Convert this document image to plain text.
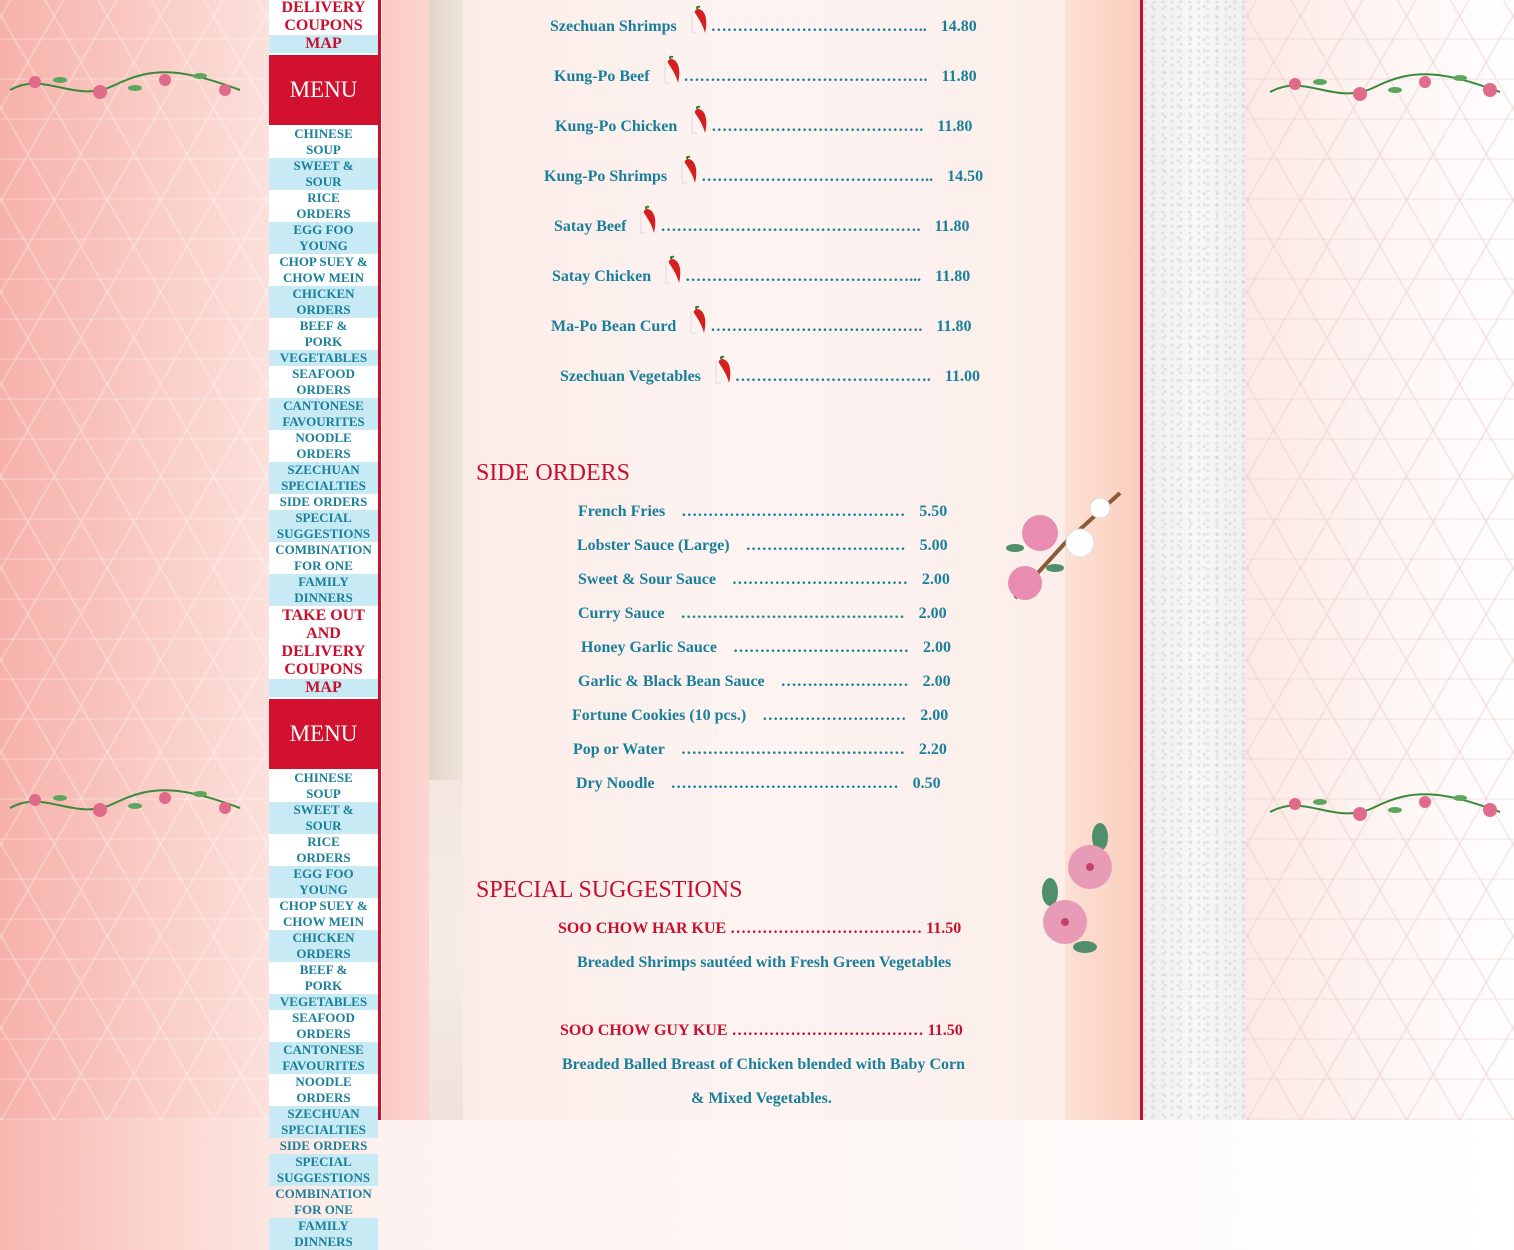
DELIVERY
COUPONS
MAP
MENU
CHINESE
SOUP
SWEET &
SOUR
RICE
ORDERS
EGG FOO
YOUNG
CHOP SUEY &
CHOW MEIN
CHICKEN
ORDERS
BEEF &
PORK
VEGETABLES
SEAFOOD
ORDERS
CANTONESE
FAVOURITES
NOODLE
ORDERS
SZECHUAN
SPECIALTIES
SIDE ORDERS
SPECIAL
SUGGESTIONS
COMBINATION
FOR ONE
FAMILY
DINNERS
TAKE OUT
AND
DELIVERY
COUPONS
MAP
MENU
CHINESE
SOUP
SWEET &
SOUR
RICE
ORDERS
EGG FOO
YOUNG
CHOP SUEY &
CHOW MEIN
CHICKEN
ORDERS
BEEF &
PORK
VEGETABLES
SEAFOOD
ORDERS
CANTONESE
FAVOURITES
NOODLE
ORDERS
SZECHUAN
SPECIALTIES
SIDE ORDERS
SPECIAL
SUGGESTIONS
COMBINATION
FOR ONE
FAMILY
DINNERS
Szechuan Shrimps ………………………………….. 14.80
Kung-Po Beef ………………………………………. 11.80
Kung-Po Chicken …………………………………. 11.80
Kung-Po Shrimps …………………………………….. 14.50
Satay Beef …………………………………………. 11.80
Satay Chicken ……………………………………... 11.80
Ma-Po Bean Curd …………………………………. 11.80
Szechuan Vegetables ………………………………. 11.00
SIDE ORDERS
French Fries …………………………………… 5.50
Lobster Sauce (Large) ………………………… 5.00
Sweet & Sour Sauce …………………………… 2.00
Curry Sauce …………………………………… 2.00
Honey Garlic Sauce …………………………… 2.00
Garlic & Black Bean Sauce …………………… 2.00
Fortune Cookies (10 pcs.) ……………………… 2.00
Pop or Water …………………………………… 2.20
Dry Noodle ……….…………………………… 0.50
SPECIAL SUGGESTIONS
SOO CHOW HAR KUE ……………………………… 11.50
Breaded Shrimps sautéed with Fresh Green Vegetables
SOO CHOW GUY KUE ……………………………… 11.50
Breaded Balled Breast of Chicken blended with Baby Corn
& Mixed Vegetables.
